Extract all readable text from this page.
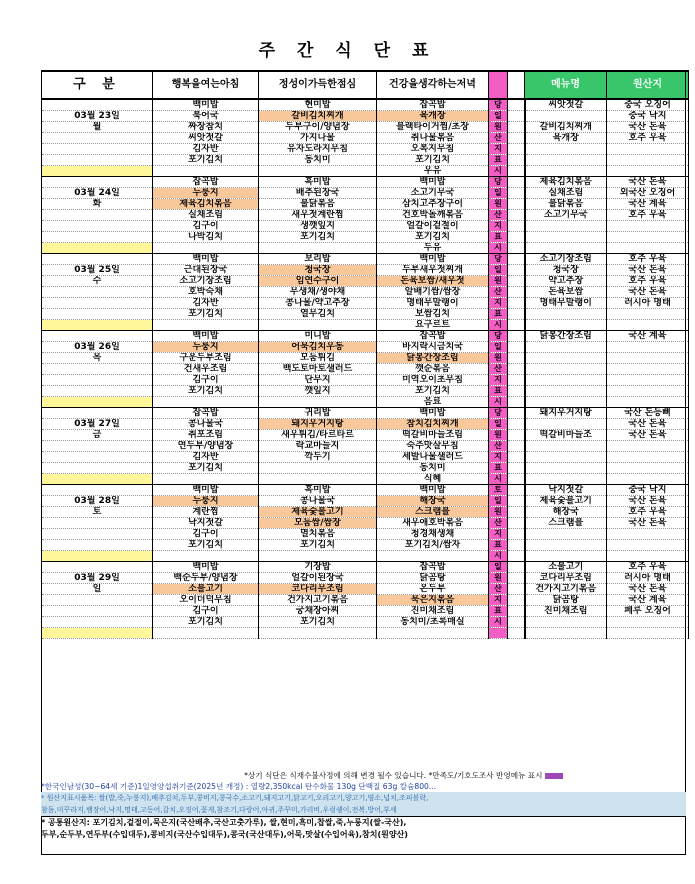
주 간 식 단 표
구 분	행복을여는아침	정성이가득한점심	건강을생각하는저녁			메뉴명	원산지
	백미밥	현미밥	잡곡밥	당		씨앗젓갈	중국 오징어
03월 23일	북어국	갈비김치찌개	육개장	일			중국 낙지
월	짜장참치	두부구이/양념장	블랙타이거찜/초장	원		갈비김치찌개	국산 돈육
	씨앗젓갈	가지나물	취나물볶음	산		육개장	호주 우육
	김자반	유자도라지무침	오복지무침	지			
	포기김치	동치미	포기김치	표			
			우유	시			
	잡곡밥	흑미밥	백미밥	당		제육김치볶음	국산 돈육
03월 24일	누룽지	배추된장국	소고기무국	일		실채조림	외국산 오징어
화	제육김치볶음	불닭볶음	삼치고추장구이	원		불닭볶음	국산 계육
	실채조림	새우젓계란찜	건호박돌깨볶음	산		소고기무국	호주 우육
	김구이	생깻잎지	얼갈이겉절이	지			
	나박김치	포기김치	포기김치	표			
			두유	시			
	백미밥	보리밥	백미밥	당		소고기장조림	호주 우육
03월 25일	근대된장국	청국장	두부새우젓찌개	일		청국장	국산 돈육
수	소고기장조림	임연수구이	돈육보쌈/새우젓	원		약고추장	호주 우육
	호박숙채	무생채/생야채	알배기쌈/쌈장	산		돈육보쌈	국산 돈육
	김자반	콩나물/약고추장	명태무말랭이	지		명태무말랭이	러시아 명태
	포기김치	열무김치	보쌈김치	표			
			요구르트	시			
	백미밥	미니밥	잡곡밥	당		닭봉간장조림	국산 계육
03월 26일	누룽지	어묵김치우동	바지락시금치국	일			
목	구운두부조림	모둠튀김	닭봉간장조림	원			
	건새우조림	백도토마토샐러드	깻순볶음	산			
	김구이	단무지	미역오이초무침	지			
	포기김치	깻잎지	포기김치	표			
			음료	시			
	잡곡밥	귀리밥	백미밥	당		돼지우거지탕	국산 돈등뼈
03월 27일	콩나물국	돼지우거지탕	참치김치찌개	일			국산 돈육
금	취포조림	새우튀김/타르타르	떡갈비마늘조림	원		떡갈비마늘조	국산 돈육
	연두부/양념장	락교마늘지	숙주맛살무침	산			
	김자반	깍두기	세발나물샐러드	지			
	포기김치		동치미	표			
			식혜	시			
	백미밥	흑미밥	백미밥	토		낙지젓갈	중국 낙지
03월 28일	누룽지	콩나물국	해장국	일		제육숯불고기	국산 돈육
토	계란찜	제육숯불고기	스크램블	원		해장국	호주 우육
	낙지젓갈	모둠쌈/쌈장	새우애호박볶음	산		스크램블	국산 돈육
	김구이	멸치볶음	청경채생채	지			
	포기김치	포기김치	포기김치/쌈자	표			
				시			
	백미밥	기장밥	잡곡밥	일		소불고기	호주 우육
03월 29일	백순두부/양념장	얼갈이된장국	닭곰탕	원		코다리무조림	러시아 명태
일	소불고기	코다리무조림	온두부	산		건가지고기볶음	국산 돈육
	오이더덕무침	건가지고기볶음	묵은지볶음	지		닭곰탕	국산 계육
	김구이	궁채장아찌	진미채조림	표		진미채조림	페루 오징어
	포기김치	포기김치	동치미/초록매실	시			

*상기 식단은 식재수불사정에 의해 변경 될수 있습니다. *만족도/기호도조사 반영메뉴 표시
*한국인남성(30~64세 기준)1일영양섭취기준(2025년 개정) : 열량2,350kcal 탄수화물 130g 단백질 63g 칼슘800...
* 원산지표시품목: 쌀(밥,죽,누룽지),배추김치,두부,콩비지,콩국수,소고기,돼지고기,닭고기,오리고기,양고기,염소,넙치,조피볼락,
참돔,미꾸라지,뱀장어,낙지,명태,고등어,갈치,오징어,꽃게,참조기,다랑어,아귀,주꾸미,가리비,우렁쉥이,전복,방어,부세
* 공통원산지: 포기김치,겉절이,묵은지(국산배추,국산고춧가루), 쌀,현미,흑미,찹쌀,죽,누룽지(쌀-국산),
두부,순두부,연두부(수입대두),콩비지(국산수입대두),콩국(국산대두),어묵,맛살(수입어육),참치(원양산)
